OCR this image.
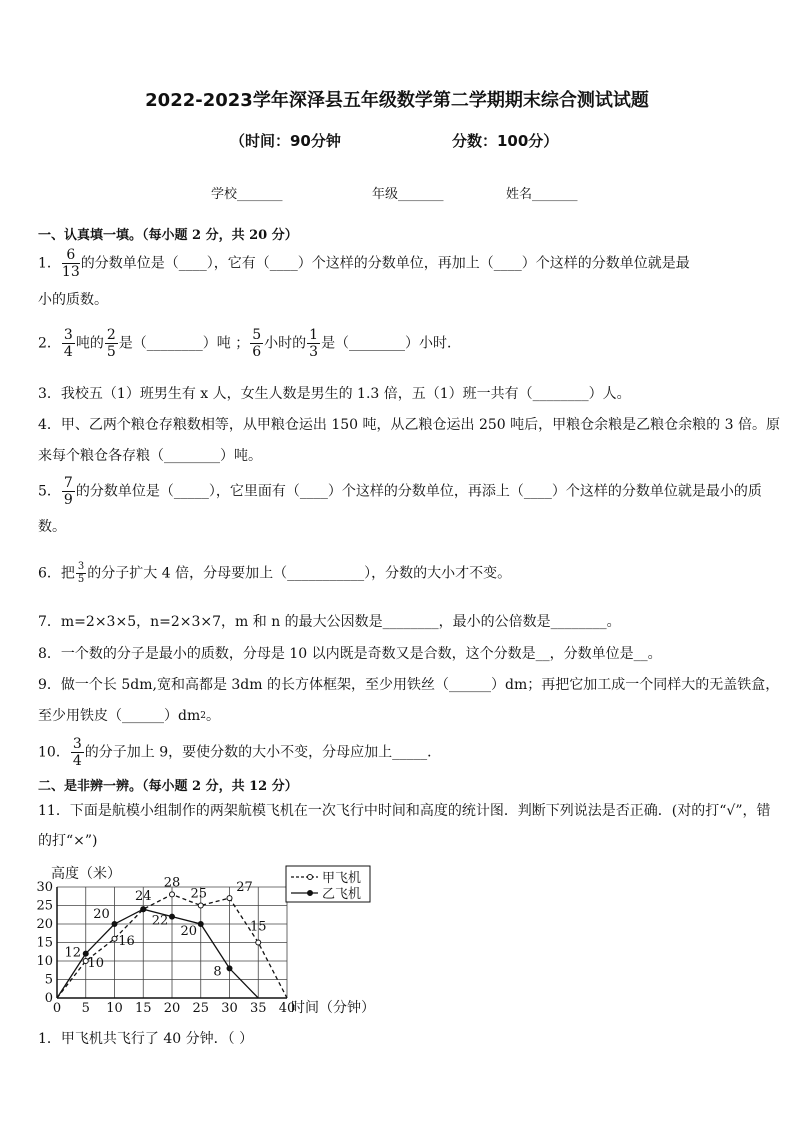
2022-2023学年深泽县五年级数学第二学期期末综合测试试题
（时间：90分钟	分数：100分）
学校_______	年级_______	姓名_______
一、认真填一填。（每小题 2 分，共 20 分）
1． $\frac{6}{13}$ 的分数单位是（____），它有（____）个这样的分数单位，再加上（____）个这样的分数单位就是最
小的质数。
2． $\frac{3}{4}$ 吨的 $\frac{2}{5}$ 是（________）吨 ； $\frac{5}{6}$ 小时的 $\frac{1}{3}$ 是（________）小时．
3．我校五（1）班男生有 x 人，女生人数是男生的 1.3 倍，五（1）班一共有（________）人。
4．甲、乙两个粮仓存粮数相等，从甲粮仓运出 150 吨，从乙粮仓运出 250 吨后，甲粮仓余粮是乙粮仓余粮的 3 倍。原
来每个粮仓各存粮（________）吨。
5． $\frac{7}{9}$ 的分数单位是（_____），它里面有（____）个这样的分数单位，再添上（____）个这样的分数单位就是最小的质
数。
6．把 $\frac{3}{5}$ 的分子扩大 4 倍，分母要加上（___________），分数的大小才不变。
7．m=2×3×5，n=2×3×7，m 和 n 的最大公因数是________，最小的公倍数是________。
8．一个数的分子是最小的质数，分母是 10 以内既是奇数又是合数，这个分数是__，分数单位是__。
9．做一个长 5dm,宽和高都是 3dm 的长方体框架，至少用铁丝（______）dm；再把它加工成一个同样大的无盖铁盒，
至少用铁皮$(\_\_\_\_\_\_)dm^2$。
10． $\frac{3}{4}$ 的分子加上 9，要使分数的大小不变，分母应加上_____．
二、是非辨一辨。（每小题 2 分，共 12 分）
11．下面是航模小组制作的两架航模飞机在一次飞行中时间和高度的统计图．判断下列说法是否正确．(对的打“√”，错
的打“×”)
0 5 10 15 20 25 30 35 40
0
5
10
15
20
25
30
高度（米）
时间（分钟）
10
16
24
28
25 27
15
12
20	22
20
8
甲飞机
乙飞机
1．甲飞机共飞行了 40 分钟．（ ）
